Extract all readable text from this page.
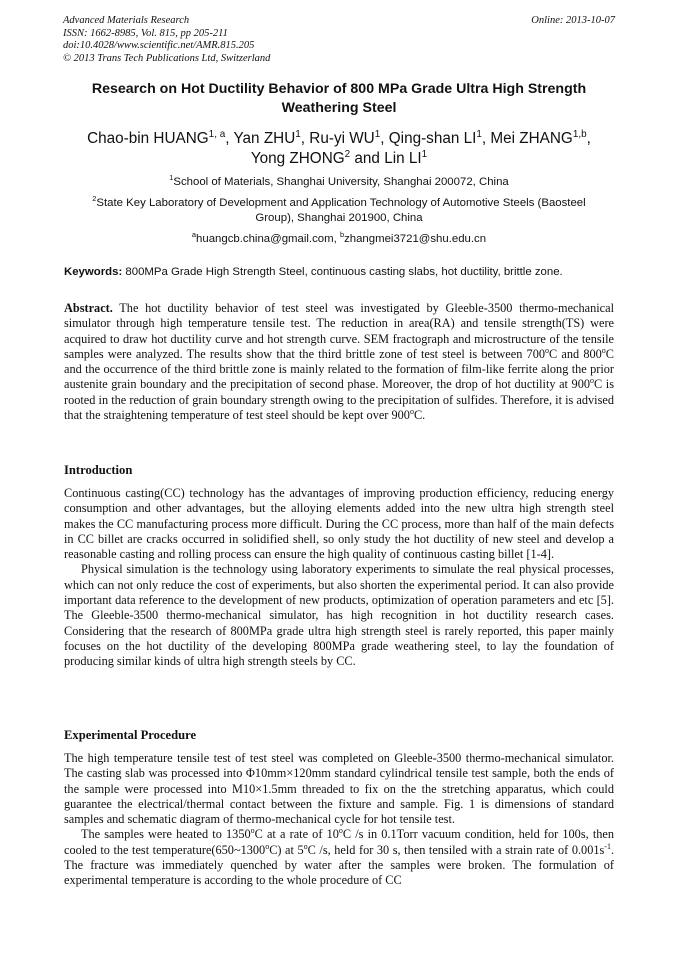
Advanced Materials Research
ISSN: 1662-8985, Vol. 815, pp 205-211
doi:10.4028/www.scientific.net/AMR.815.205
© 2013 Trans Tech Publications Ltd, Switzerland
Online: 2013-10-07
Research on Hot Ductility Behavior of 800 MPa Grade Ultra High Strength
Weathering Steel
Chao-bin HUANG$^{1, a}$, Yan ZHU$^1$, Ru-yi $WU^1$, Qing-shan $LI^1$, Mei ZHANG$^{1,b}$,
Yong ZHONG$^2$ and Lin $LI^1$
$^1$School of Materials, Shanghai University, Shanghai 200072, China
$^2$State Key Laboratory of Development and Application Technology of Automotive Steels (Baosteel
Group), Shanghai 201900, China
$^a$huangcb.china@gmail.com, $^b$zhangmei3721@shu.edu.cn
Keywords: 800MPa Grade High Strength Steel, continuous casting slabs, hot ductility, brittle zone.

Abstract. The hot ductility behavior of test steel was investigated by Gleeble-3500 thermo-mechanical simulator through high temperature tensile test. The reduction in area(RA) and tensile strength(TS) were acquired to draw hot ductility curve and hot strength curve. SEM fractograph and microstructure of the tensile samples were analyzed. The results show that the third brittle zone of test steel is between 700$^o$C and 800$^o$C and the occurrence of the third brittle zone is mainly related to the formation of film-like ferrite along the prior austenite grain boundary and the precipitation of second phase. Moreover, the drop of hot ductility at 900$^o$C is rooted in the reduction of grain boundary strength owing to the precipitation of sulfides. Therefore, it is advised that the straightening temperature of test steel should be kept over 900$^o$C.

Introduction

Continuous casting(CC) technology has the advantages of improving production efficiency, reducing energy consumption and other advantages, but the alloying elements added into the new ultra high strength steel makes the CC manufacturing process more difficult. During the CC process, more than half of the main defects in CC billet are cracks occurred in solidified shell, so only study the hot ductility of new steel and develop a reasonable casting and rolling process can ensure the high quality of continuous casting billet [1-4].

Physical simulation is the technology using laboratory experiments to simulate the real physical processes, which can not only reduce the cost of experiments, but also shorten the experimental period. It can also provide important data reference to the development of new products, optimization of operation parameters and etc [5]. The Gleeble-3500 thermo-mechanical simulator, has high recognition in hot ductility research cases. Considering that the research of 800MPa grade ultra high strength steel is rarely reported, this paper mainly focuses on the hot ductility of the developing 800MPa grade weathering steel, to lay the foundation of producing similar kinds of ultra high strength steels by CC.

Experimental Procedure

The high temperature tensile test of test steel was completed on Gleeble-3500 thermo-mechanical simulator. The casting slab was processed into Φ10mm×120mm standard cylindrical tensile test sample, both the ends of the sample were processed into M10×1.5mm threaded to fix on the the stretching apparatus, which could guarantee the electrical/thermal contact between the fixture and sample. Fig. 1 is dimensions of standard samples and schematic diagram of thermo-mechanical cycle for hot tensile test.

The samples were heated to 1350$^o$C at a rate of 10$^o$C /s in 0.1Torr vacuum condition, held for 100s, then cooled to the test temperature(650~1300$^o$C) at 5$^o$C /s, held for 30 s, then tensiled with a strain rate of $0.001s^{-1}$. The fracture was immediately quenched by water after the samples were broken. The formulation of experimental temperature is according to the whole procedure of CC
